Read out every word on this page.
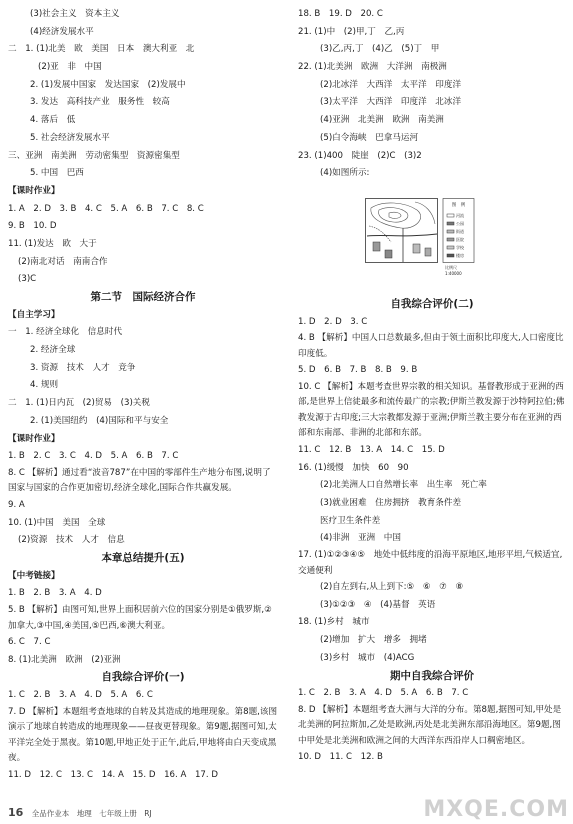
(3)社会主义　资本主义
(4)经济发展水平
二　1. (1)北美　欧　美国　日本　澳大利亚　北
(2)亚　非　中国
2. (1)发展中国家　发达国家　(2)发展中
3. 发达　高科技产业　服务性　较高
4. 落后　低
5. 社会经济发展水平
三、亚洲　南美洲　劳动密集型　资源密集型
5. 中国　巴西
【课时作业】
1. A　2. D　3. B　4. C　5. A　6. B　7. C　8. C
9. B　10. D
11. (1)发达　欧　大于
(2)南北对话　南南合作
(3)C
第二节　国际经济合作
【自主学习】
一　1. 经济全球化　信息时代
2. 经济全球
3. 资源　技术　人才　竞争
4. 规则
二　1. (1)日内瓦　(2)贸易　(3)关税
2. (1)美国纽约　(4)国际和平与安全
【课时作业】
1. B　2. C　3. C　4. D　5. A　6. B　7. C
8. C 【解析】通过看“波音787”在中国的零部件生产地分布图,说明了国家与国家的合作更加密切,经济全球化,国际合作共赢发展。
9. A
10. (1)中国　美国　全球
(2)资源　技术　人才　信息
本章总结提升(五)
【中考链接】
1. B　2. B　3. A　4. D
5. B 【解析】由图可知,世界上面积居前六位的国家分别是①俄罗斯,②加拿大,③中国,④美国,⑤巴西,⑥澳大利亚。
6. C　7. C
8. (1)北美洲　欧洲　(2)亚洲
自我综合评价(一)
1. C　2. B　3. A　4. D　5. A　6. C
7. D 【解析】本题组考查地球的自转及其造成的地理现象。第8题,该图演示了地球自转造成的地理现象——昼夜更替现象。第9题,据图可知,太平洋完全处于黑夜。第10题,甲地正处于正午,此后,甲地将由白天变成黑夜。
11. D　12. C　13. C　14. A　15. D　16. A　17. D
18. B　19. D　20. C
21. (1)中　(2)甲,丁　乙,丙
(3)乙,丙,丁　(4)乙　(5)丁　甲
22. (1)北美洲　欧洲　大洋洲　南极洲
(2)北冰洋　大西洋　太平洋　印度洋
(3)太平洋　大西洋　印度洋　北冰洋
(4)亚洲　北美洲　欧洲　南美洲
(5)白令海峡　巴拿马运河
23. (1)400　陡崖　(2)C　(3)2
(4)如图所示:
自我综合评价(二)
1. D　2. D　3. C
4. B 【解析】中国人口总数最多,但由于领土面积比印度大,人口密度比印度低。
5. D　6. B　7. B　8. B　9. B
10. C 【解析】本题考查世界宗教的相关知识。基督教形成于亚洲的西部,是世界上信徒最多和流传最广的宗教;伊斯兰教发源于沙特阿拉伯;佛教发源于古印度;三大宗教都发源于亚洲;伊斯兰教主要分布在亚洲的西部和东南部、非洲的北部和东部。
11. C　12. B　13. A　14. C　15. D
16. (1)缓慢　加快　60　90
(2)北美洲人口自然增长率　出生率　死亡率
(3)就业困难　住房拥挤　教育条件差
医疗卫生条件差
(4)非洲　亚洲　中国
17. (1)①②③④⑤　地处中低纬度的沿海平原地区,地形平坦,气候适宜,交通便利
(2)自左到右,从上到下:⑤　⑥　⑦　⑧
(3)①②③　④　(4)基督　英语
18. (1)乡村　城市
(2)增加　扩大　增多　拥堵
(3)乡村　城市　(4)ACG
期中自我综合评价
1. C　2. B　3. A　4. D　5. A　6. B　7. C
8. D 【解析】本题组考查大洲与大洋的分布。第8题,据图可知,甲处是北美洲的阿拉斯加,乙处是欧洲,丙处是北美洲东部沿海地区。第9题,图中甲处是北美洲和欧洲之间的大西洋东西沿岸人口稠密地区。
10. D　11. C　12. B
图　例
河流
公园
街道
医院
学校
楼房
比例尺
1:40000
16 全品作业本　地理　七年级上册　RJ	MXQE.COM
